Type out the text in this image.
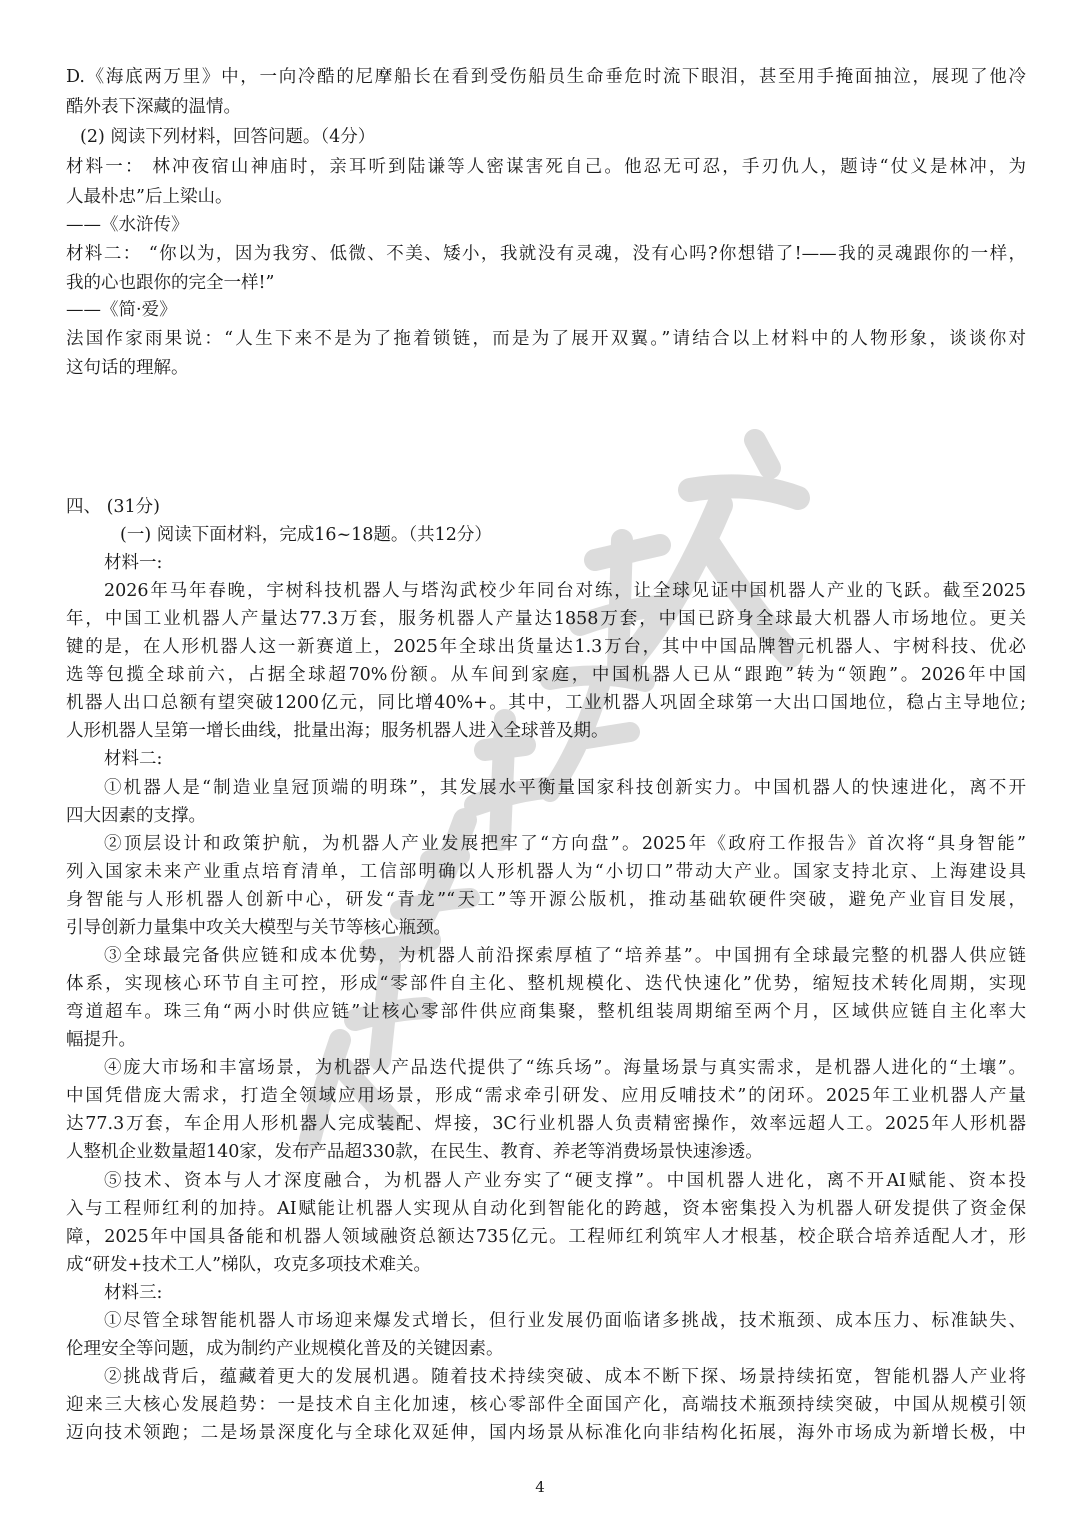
D.《海底两万里》中，一向冷酷的尼摩船长在看到受伤船员生命垂危时流下眼泪，甚至用手掩面抽泣，展现了他冷
酷外表下深藏的温情。
(2) 阅读下列材料，回答问题。（4分）
材料一： 林冲夜宿山神庙时，亲耳听到陆谦等人密谋害死自己。他忍无可忍，手刃仇人，题诗“仗义是林冲，为
人最朴忠”后上梁山。
——《水浒传》
材料二： “你以为，因为我穷、低微、不美、矮小，我就没有灵魂，没有心吗?你想错了!——我的灵魂跟你的一样，
我的心也跟你的完全一样!”
——《简·爱》
法国作家雨果说：“人生下来不是为了拖着锁链，而是为了展开双翼。”请结合以上材料中的人物形象，谈谈你对
这句话的理解。
四、 (31分)
(一) 阅读下面材料，完成16~18题。（共12分）
材料一:
2026年马年春晚，宇树科技机器人与塔沟武校少年同台对练，让全球见证中国机器人产业的飞跃。截至2025
年，中国工业机器人产量达77.3万套，服务机器人产量达1858万套，中国已跻身全球最大机器人市场地位。更关
键的是，在人形机器人这一新赛道上，2025年全球出货量达1.3万台，其中中国品牌智元机器人、宇树科技、优必
选等包揽全球前六，占据全球超70%份额。从车间到家庭，中国机器人已从“跟跑”转为“领跑”。2026年中国
机器人出口总额有望突破1200亿元，同比增40%+。其中，工业机器人巩固全球第一大出口国地位，稳占主导地位;
人形机器人呈第一增长曲线，批量出海；服务机器人进入全球普及期。
材料二:
①机器人是“制造业皇冠顶端的明珠”，其发展水平衡量国家科技创新实力。中国机器人的快速进化，离不开
四大因素的支撑。
②顶层设计和政策护航，为机器人产业发展把牢了“方向盘”。2025年《政府工作报告》首次将“具身智能”
列入国家未来产业重点培育清单，工信部明确以人形机器人为“小切口”带动大产业。国家支持北京、上海建设具
身智能与人形机器人创新中心，研发“青龙”“天工”等开源公版机，推动基础软硬件突破，避免产业盲目发展，
引导创新力量集中攻关大模型与关节等核心瓶颈。
③全球最完备供应链和成本优势，为机器人前沿探索厚植了“培养基”。中国拥有全球最完整的机器人供应链
体系，实现核心环节自主可控，形成“零部件自主化、整机规模化、迭代快速化”优势，缩短技术转化周期，实现
弯道超车。珠三角“两小时供应链”让核心零部件供应商集聚，整机组装周期缩至两个月，区域供应链自主化率大
幅提升。
④庞大市场和丰富场景，为机器人产品迭代提供了“练兵场”。海量场景与真实需求，是机器人进化的“土壤”。
中国凭借庞大需求，打造全领域应用场景，形成“需求牵引研发、应用反哺技术”的闭环。2025年工业机器人产量
达77.3万套，车企用人形机器人完成装配、焊接，3C行业机器人负责精密操作，效率远超人工。2025年人形机器
人整机企业数量超140家，发布产品超330款，在民生、教育、养老等消费场景快速渗透。
⑤技术、资本与人才深度融合，为机器人产业夯实了“硬支撑”。中国机器人进化，离不开AI赋能、资本投
入与工程师红利的加持。AI赋能让机器人实现从自动化到智能化的跨越，资本密集投入为机器人研发提供了资金保
障，2025年中国具备能和机器人领域融资总额达735亿元。工程师红利筑牢人才根基，校企联合培养适配人才，形
成“研发+技术工人”梯队，攻克多项技术难关。
材料三:
①尽管全球智能机器人市场迎来爆发式增长，但行业发展仍面临诸多挑战，技术瓶颈、成本压力、标准缺失、
伦理安全等问题，成为制约产业规模化普及的关键因素。
②挑战背后，蕴藏着更大的发展机遇。随着技术持续突破、成本不断下探、场景持续拓宽，智能机器人产业将
迎来三大核心发展趋势：一是技术自主化加速，核心零部件全面国产化，高端技术瓶颈持续突破，中国从规模引领
迈向技术领跑；二是场景深度化与全球化双延伸，国内场景从标准化向非结构化拓展，海外市场成为新增长极，中
4
